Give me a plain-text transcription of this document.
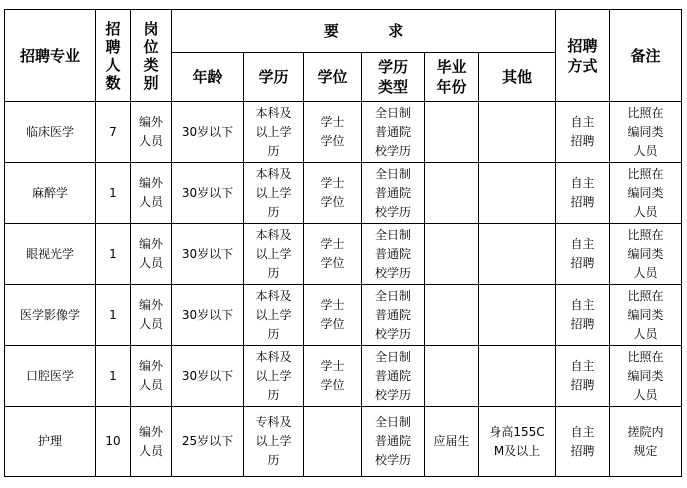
招聘专业	招聘人数	岗位类别	要 求						招聘方式	备注
			年龄	学历	学位	学历类型	毕业年份	其他		
临床医学	7	编外人员	30岁以下	本科及以上学历	学士学位	全日制普通院校学历			自主招聘	比照在编同类人员
麻醉学	1	编外人员	30岁以下	本科及以上学历	学士学位	全日制普通院校学历			自主招聘	比照在编同类人员
眼视光学	1	编外人员	30岁以下	本科及以上学历	学士学位	全日制普通院校学历			自主招聘	比照在编同类人员
医学影像学	1	编外人员	30岁以下	本科及以上学历	学士学位	全日制普通院校学历			自主招聘	比照在编同类人员
口腔医学	1	编外人员	30岁以下	本科及以上学历	学士学位	全日制普通院校学历			自主招聘	比照在编同类人员
护理	10	编外人员	25岁以下	专科及以上学历		全日制普通院校学历	应届生	身高155CM及以上	自主招聘	搓院内规定
